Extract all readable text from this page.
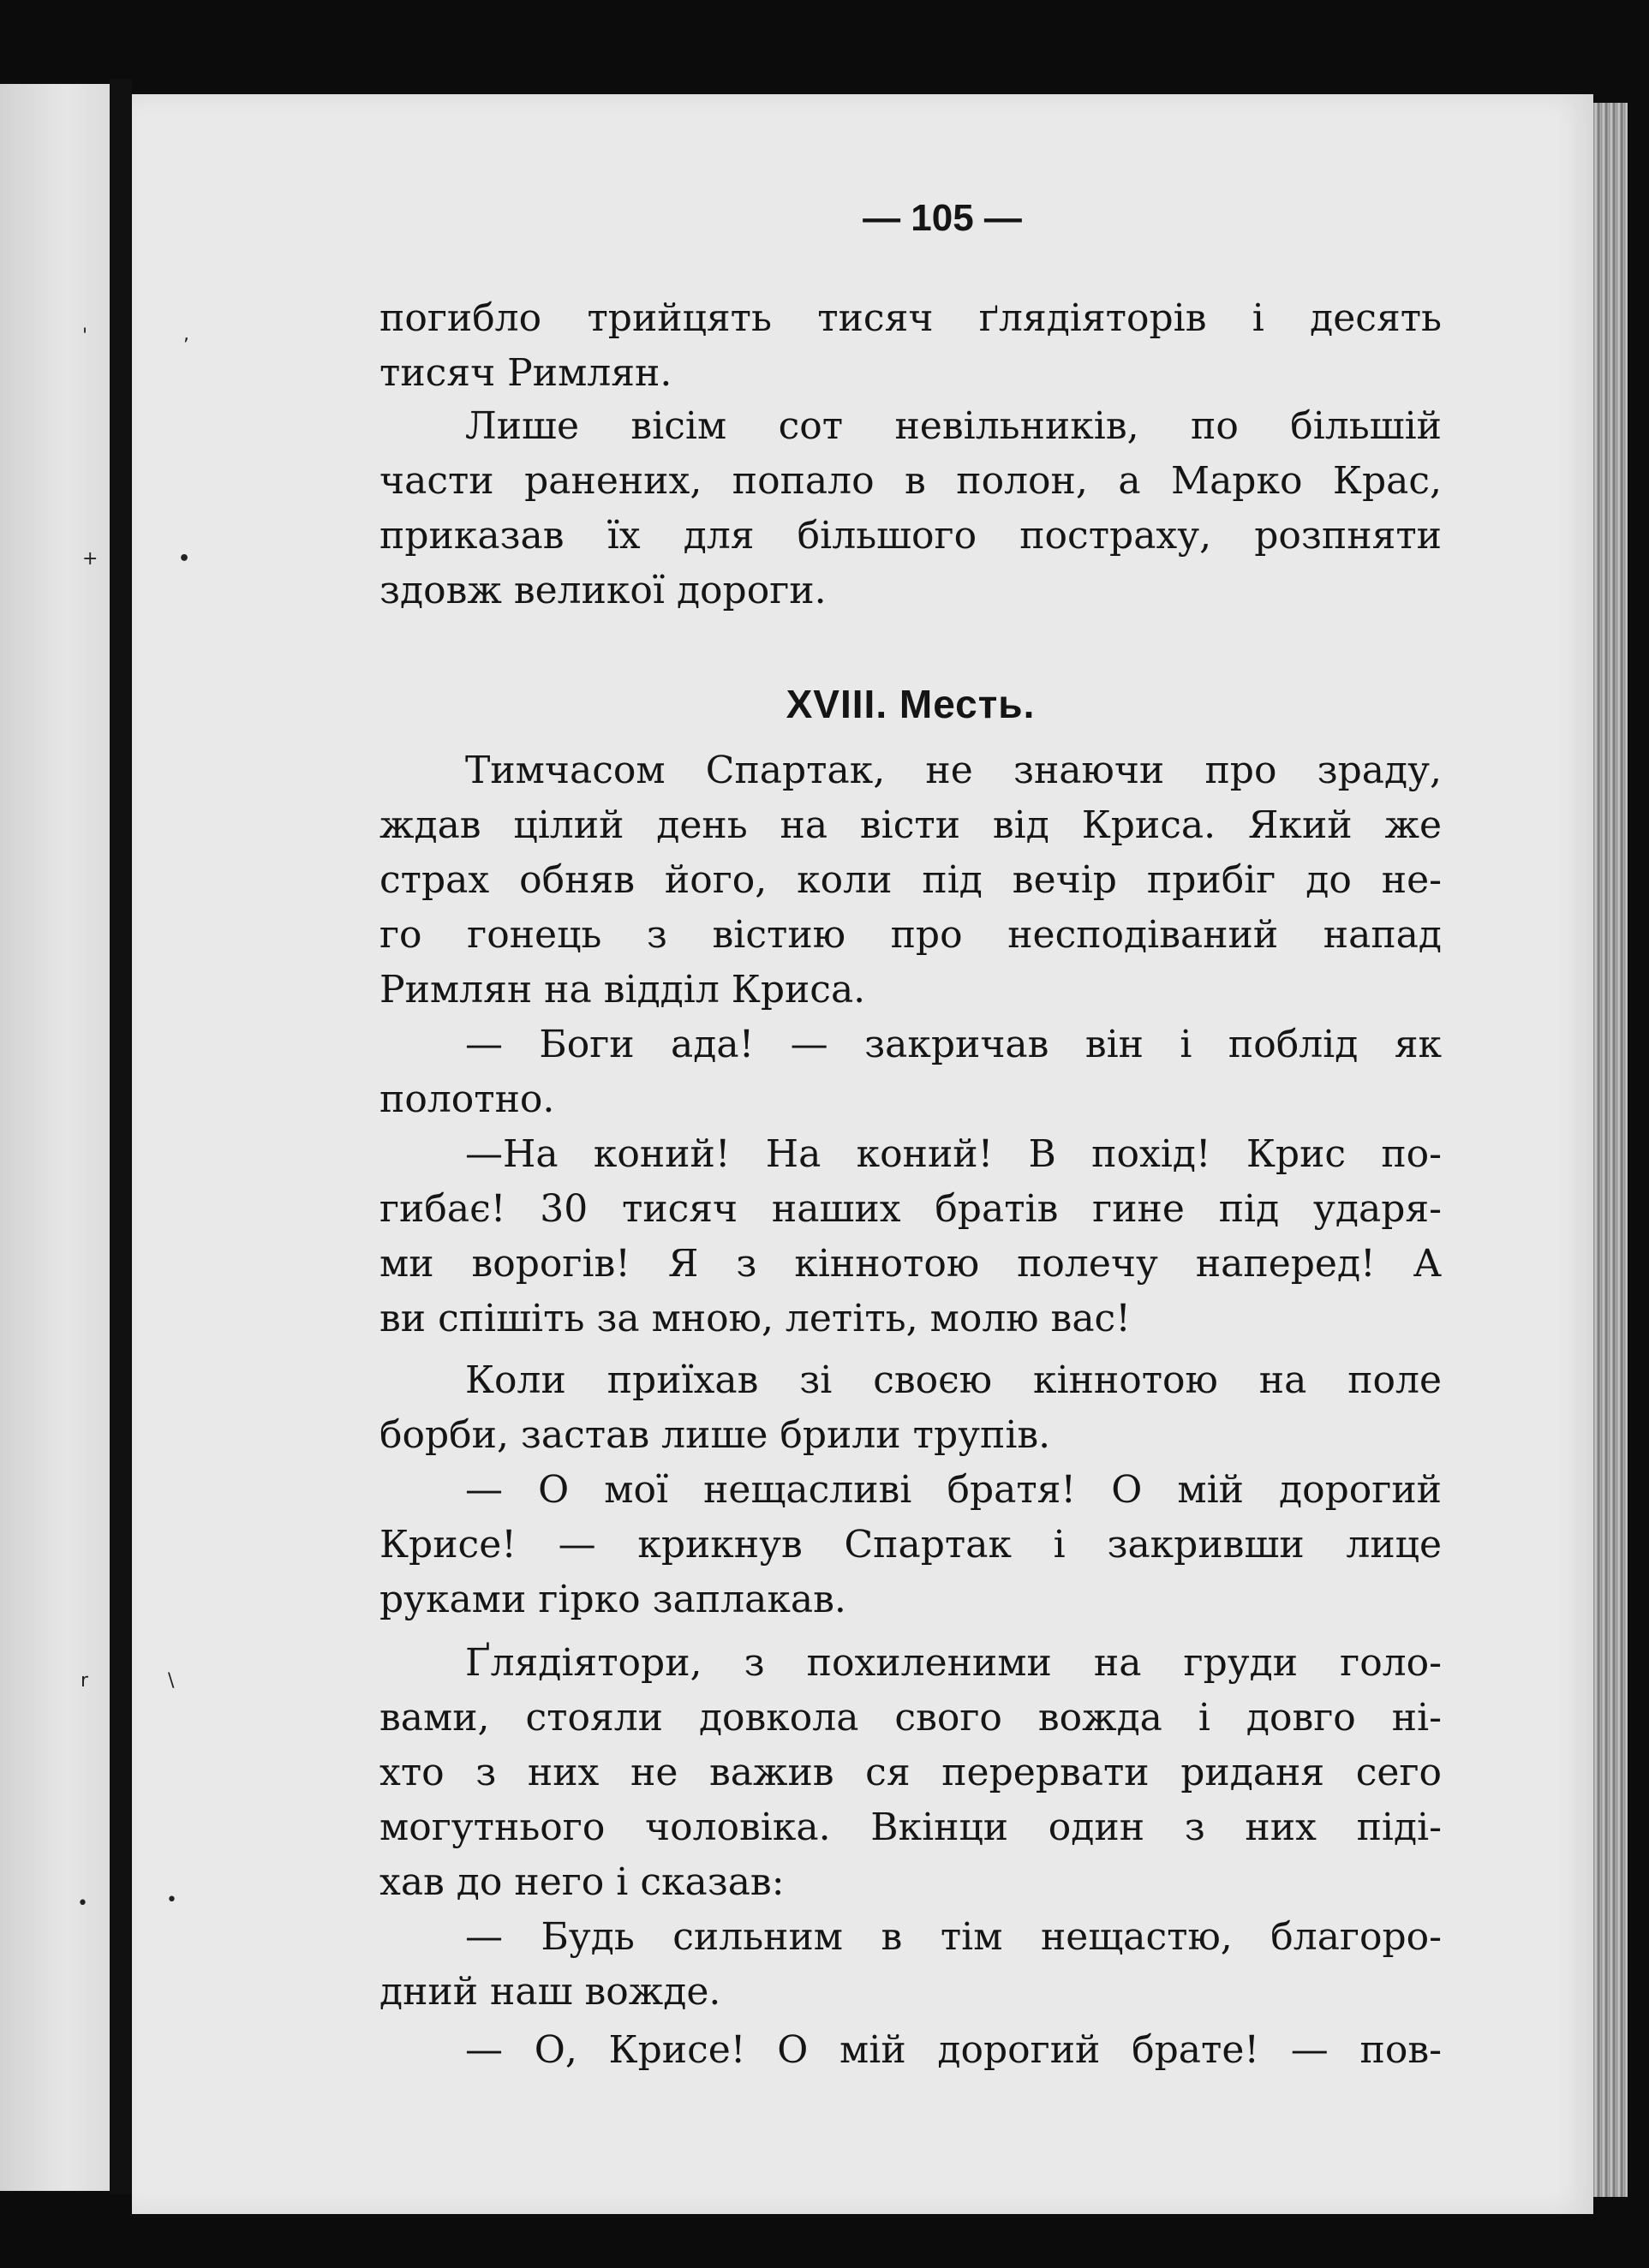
'	,
+	•
r	\
•	•
— 105 —
погибло трийцять тисяч ґлядіяторів і десять
тисяч Римлян.
Лише вісім сот невільників, по більшій
части ранених, попало в полон, а Марко Крас,
приказав їх для більшого постраху, розпняти
здовж великої дороги.
XVIII. Месть.
Тимчасом Спартак, не знаючи про зраду,
ждав цілий день на вісти від Криса. Який же
страх обняв його, коли під вечір прибіг до не-
го гонець з вістию про несподіваний напад
Римлян на відділ Криса.
— Боги ада! — закричав він і поблід як
полотно.
—На коний! На коний! В похід! Крис по-
гибає! 30 тисяч наших братів гине під ударя-
ми ворогів! Я з кіннотою полечу наперед! А
ви спішіть за мною, летіть, молю вас!
Коли приїхав зі своєю кіннотою на поле
борби, застав лише брили трупів.
— О мої нещасливі братя! О мій дорогий
Крисе! — крикнув Спартак і закривши лице
руками гірко заплакав.
Ґлядіятори, з похиленими на груди голо-
вами, стояли довкола свого вожда і довго ні-
хто з них не важив ся перервати риданя сего
могутнього чоловіка. Вкінци один з них піді-
хав до него і сказав:
— Будь сильним в тім нещастю, благоро-
дний наш вожде.
— О, Крисе! О мій дорогий брате! — пов-
